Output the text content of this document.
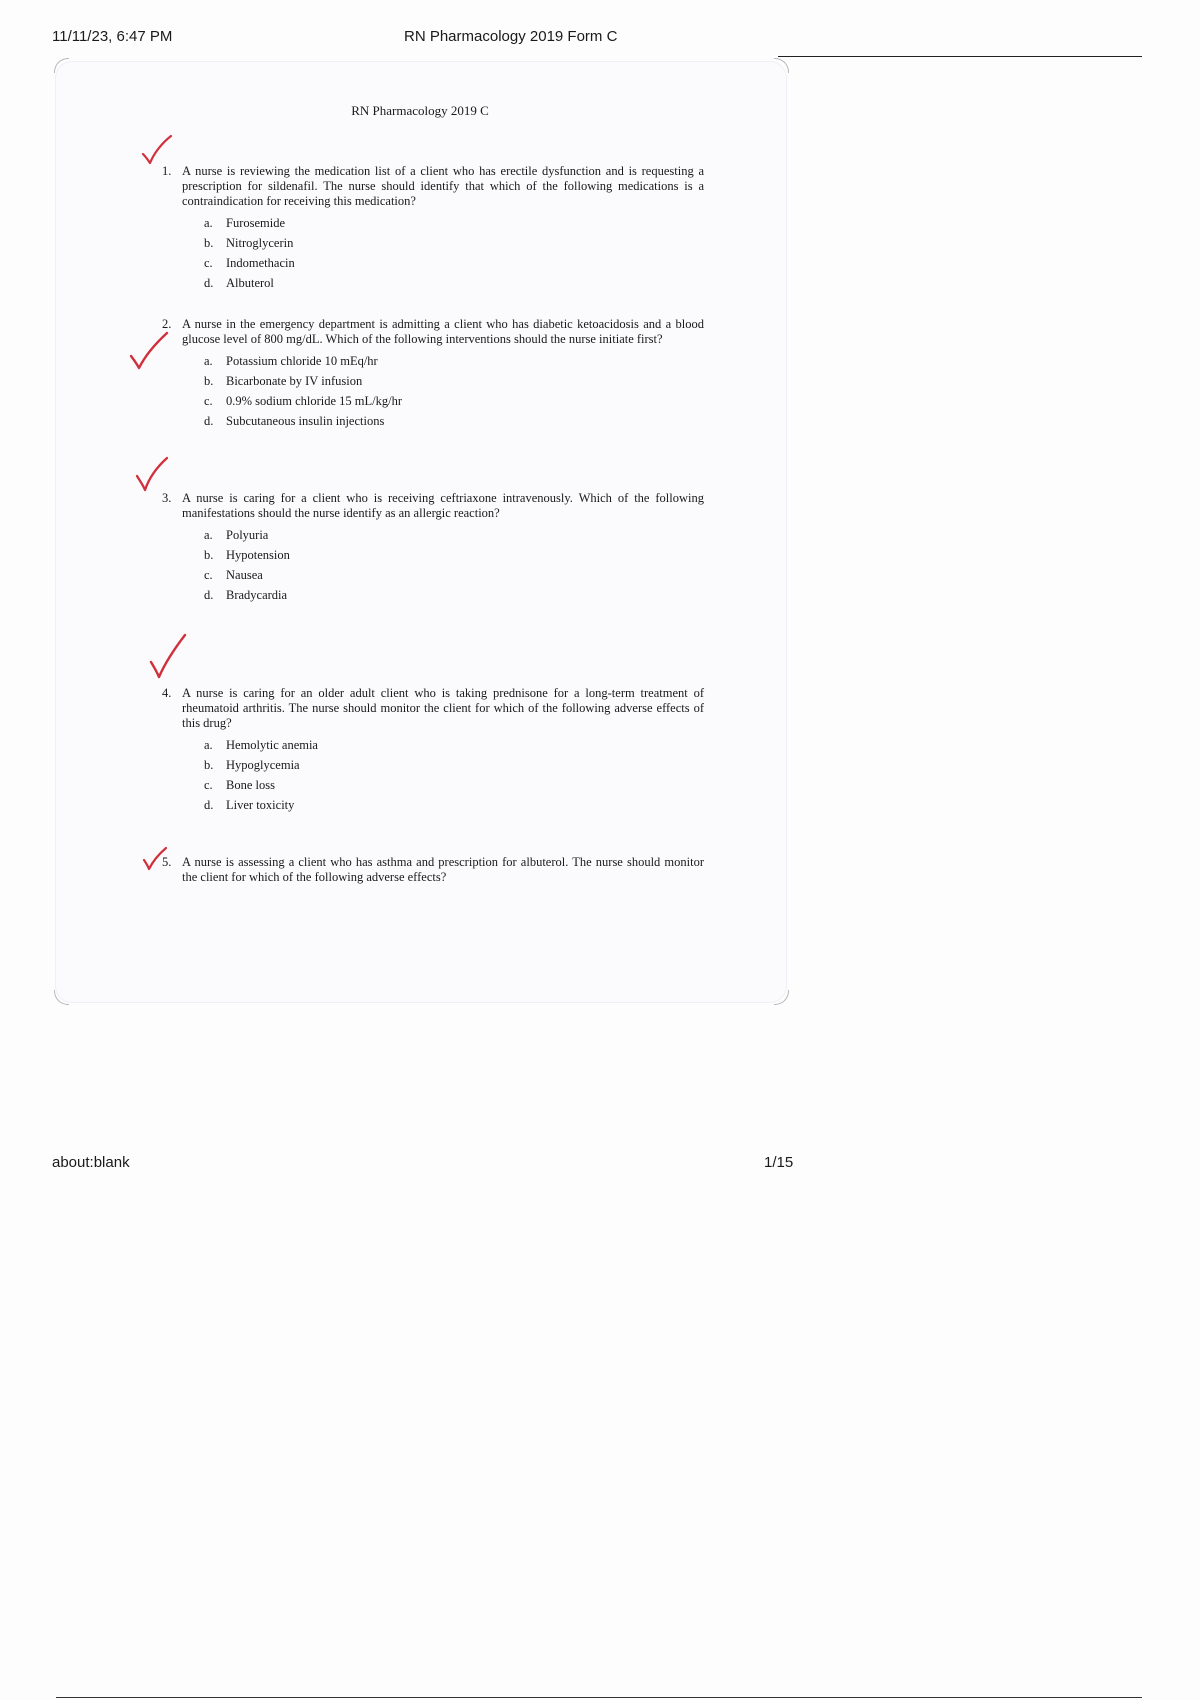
11/11/23, 6:47 PM	RN Pharmacology 2019 Form C
RN Pharmacology 2019 C
1. A nurse is reviewing the medication list of a client who has erectile dysfunction and is requesting a prescription for sildenafil. The nurse should identify that which of the following medications is a contraindication for receiving this medication?
a. Furosemide
b. Nitroglycerin
c. Indomethacin
d. Albuterol
2. A nurse in the emergency department is admitting a client who has diabetic ketoacidosis and a blood glucose level of 800 mg/dL. Which of the following interventions should the nurse initiate first?
a. Potassium chloride 10 mEq/hr
b. Bicarbonate by IV infusion
c. 0.9% sodium chloride 15 mL/kg/hr
d. Subcutaneous insulin injections
3. A nurse is caring for a client who is receiving ceftriaxone intravenously. Which of the following manifestations should the nurse identify as an allergic reaction?
a. Polyuria
b. Hypotension
c. Nausea
d. Bradycardia
4. A nurse is caring for an older adult client who is taking prednisone for a long-term treatment of rheumatoid arthritis. The nurse should monitor the client for which of the following adverse effects of this drug?
a. Hemolytic anemia
b. Hypoglycemia
c. Bone loss
d. Liver toxicity
5. A nurse is assessing a client who has asthma and prescription for albuterol. The nurse should monitor the client for which of the following adverse effects?
about:blank	1/15
